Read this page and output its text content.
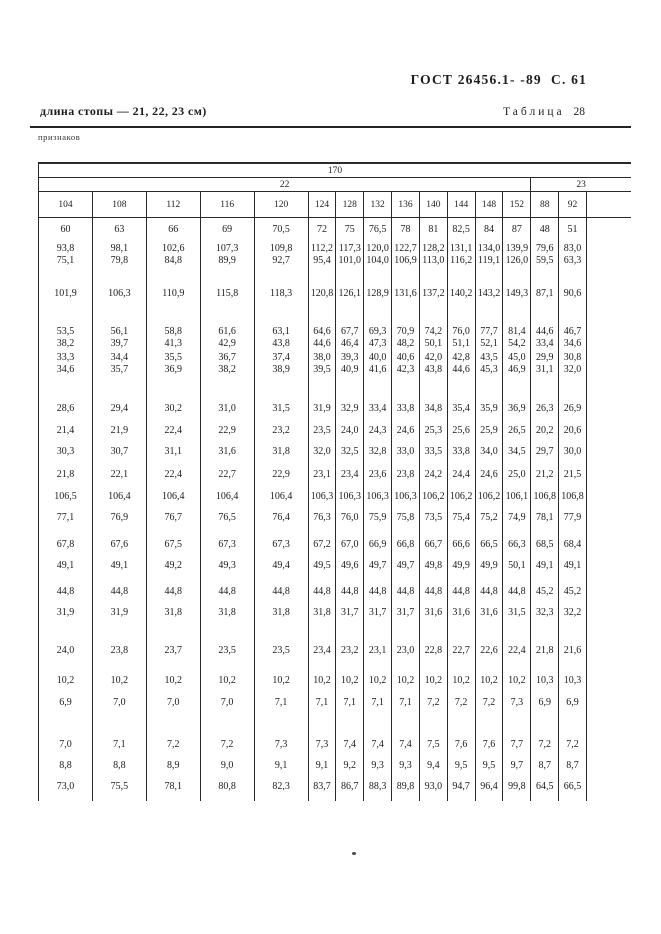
ГОСТ 26456.1- -89  С. 61
длина стопы — 21, 22, 23 см)	Таблица 28
признаков
170															
22													23		
104	108	112	116	120	124	128	132	136	140	144	148	152	88	92	
60	63	66	69	70,5	72	75	76,5	78	81	82,5	84	87	48	51	
93,8	98,1	102,6	107,3	109,8	112,2	117,3	120,0	122,7	128,2	131,1	134,0	139,9	79,6	83,0	
75,1	79,8	84,8	89,9	92,7	95,4	101,0	104,0	106,9	113,0	116,2	119,1	126,0	59,5	63,3	
101,9	106,3	110,9	115,8	118,3	120,8	126,1	128,9	131,6	137,2	140,2	143,2	149,3	87,1	90,6	
53,5	56,1	58,8	61,6	63,1	64,6	67,7	69,3	70,9	74,2	76,0	77,7	81,4	44,6	46,7	
38,2	39,7	41,3	42,9	43,8	44,6	46,4	47,3	48,2	50,1	51,1	52,1	54,2	33,4	34,6	
33,3	34,4	35,5	36,7	37,4	38,0	39,3	40,0	40,6	42,0	42,8	43,5	45,0	29,9	30,8	
34,6	35,7	36,9	38,2	38,9	39,5	40,9	41,6	42,3	43,8	44,6	45,3	46,9	31,1	32,0	
28,6	29,4	30,2	31,0	31,5	31,9	32,9	33,4	33,8	34,8	35,4	35,9	36,9	26,3	26,9	
21,4	21,9	22,4	22,9	23,2	23,5	24,0	24,3	24,6	25,3	25,6	25,9	26,5	20,2	20,6	
30,3	30,7	31,1	31,6	31,8	32,0	32,5	32,8	33,0	33,5	33,8	34,0	34,5	29,7	30,0	
21,8	22,1	22,4	22,7	22,9	23,1	23,4	23,6	23,8	24,2	24,4	24,6	25,0	21,2	21,5	
106,5	106,4	106,4	106,4	106,4	106,3	106,3	106,3	106,3	106,2	106,2	106,2	106,1	106,8	106,8	
77,1	76,9	76,7	76,5	76,4	76,3	76,0	75,9	75,8	73,5	75,4	75,2	74,9	78,1	77,9	
67,8	67,6	67,5	67,3	67,3	67,2	67,0	66,9	66,8	66,7	66,6	66,5	66,3	68,5	68,4	
49,1	49,1	49,2	49,3	49,4	49,5	49,6	49,7	49,7	49,8	49,9	49,9	50,1	49,1	49,1	
44,8	44,8	44,8	44,8	44,8	44,8	44,8	44,8	44,8	44,8	44,8	44,8	44,8	45,2	45,2	
31,9	31,9	31,8	31,8	31,8	31,8	31,7	31,7	31,7	31,6	31,6	31,6	31,5	32,3	32,2	
24,0	23,8	23,7	23,5	23,5	23,4	23,2	23,1	23,0	22,8	22,7	22,6	22,4	21,8	21,6	
10,2	10,2	10,2	10,2	10,2	10,2	10,2	10,2	10,2	10,2	10,2	10,2	10,2	10,3	10,3	
6,9	7,0	7,0	7,0	7,1	7,1	7,1	7,1	7,1	7,2	7,2	7,2	7,3	6,9	6,9	
7,0	7,1	7,2	7,2	7,3	7,3	7,4	7,4	7,4	7,5	7,6	7,6	7,7	7,2	7,2	
8,8	8,8	8,9	9,0	9,1	9,1	9,2	9,3	9,3	9,4	9,5	9,5	9,7	8,7	8,7	
73,0	75,5	78,1	80,8	82,3	83,7	86,7	88,3	89,8	93,0	94,7	96,4	99,8	64,5	66,5	
